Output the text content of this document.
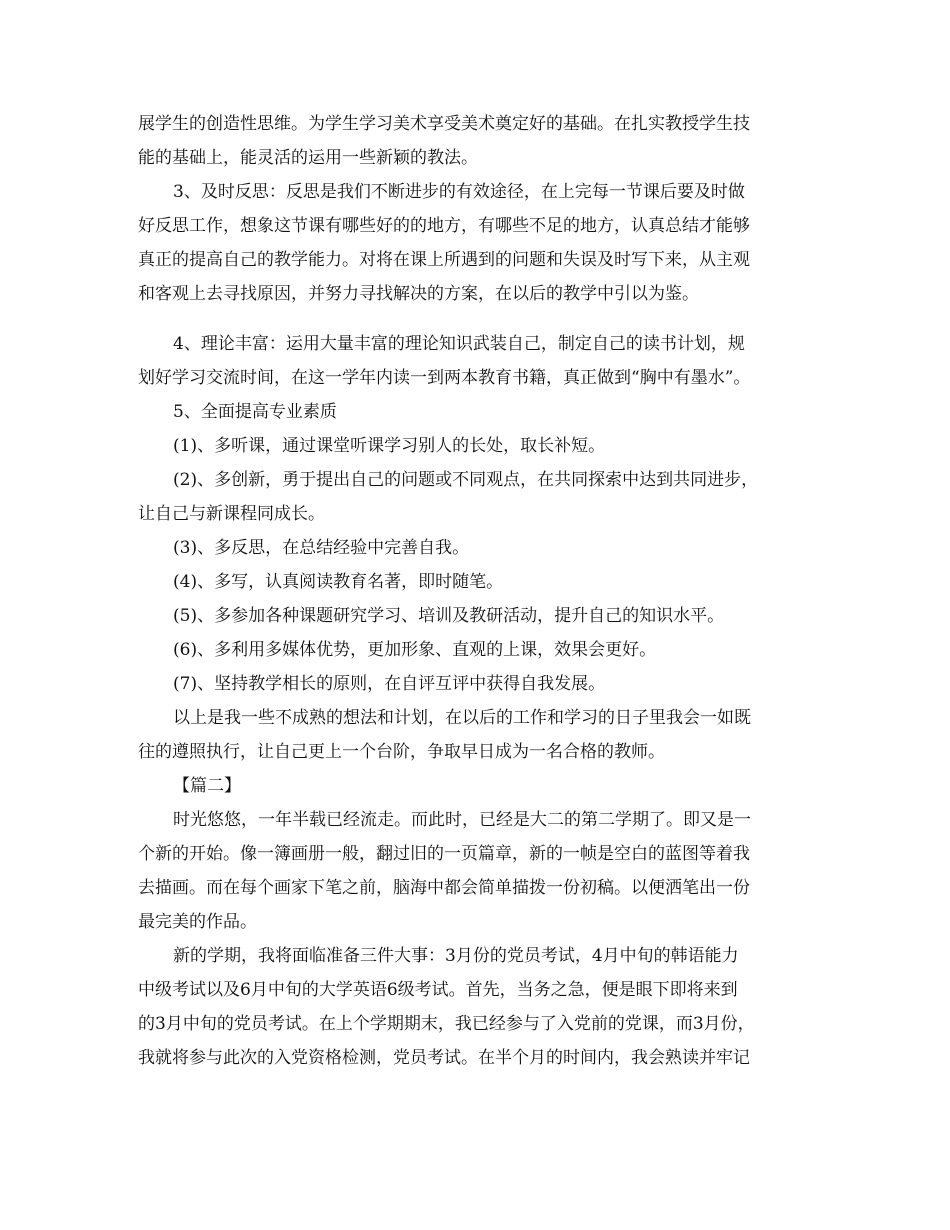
展学生的创造性思维。为学生学习美术享受美术奠定好的基础。在扎实教授学生技
能的基础上，能灵活的运用一些新颖的教法。
3、及时反思：反思是我们不断进步的有效途径，在上完每一节课后要及时做
好反思工作，想象这节课有哪些好的的地方，有哪些不足的地方，认真总结才能够
真正的提高自己的教学能力。对将在课上所遇到的问题和失误及时写下来，从主观
和客观上去寻找原因，并努力寻找解决的方案，在以后的教学中引以为鉴。
4、理论丰富：运用大量丰富的理论知识武装自己，制定自己的读书计划，规
划好学习交流时间，在这一学年内读一到两本教育书籍，真正做到“胸中有墨水”。
5、全面提高专业素质
(1)、多听课，通过课堂听课学习别人的长处，取长补短。
(2)、多创新，勇于提出自己的问题或不同观点，在共同探索中达到共同进步，
让自己与新课程同成长。
(3)、多反思，在总结经验中完善自我。
(4)、多写，认真阅读教育名著，即时随笔。
(5)、多参加各种课题研究学习、培训及教研活动，提升自己的知识水平。
(6)、多利用多媒体优势，更加形象、直观的上课，效果会更好。
(7)、坚持教学相长的原则，在自评互评中获得自我发展。
以上是我一些不成熟的想法和计划，在以后的工作和学习的日子里我会一如既
往的遵照执行，让自己更上一个台阶，争取早日成为一名合格的教师。
【篇二】
时光悠悠，一年半载已经流走。而此时，已经是大二的第二学期了。即又是一
个新的开始。像一簿画册一般，翻过旧的一页篇章，新的一帧是空白的蓝图等着我
去描画。而在每个画家下笔之前，脑海中都会简单描拨一份初稿。以便洒笔出一份
最完美的作品。
新的学期，我将面临准备三件大事：3月份的党员考试，4月中旬的韩语能力
中级考试以及6月中旬的大学英语6级考试。首先，当务之急，便是眼下即将来到
的3月中旬的党员考试。在上个学期期末，我已经参与了入党前的党课，而3月份，
我就将参与此次的入党资格检测，党员考试。在半个月的时间内，我会熟读并牢记
